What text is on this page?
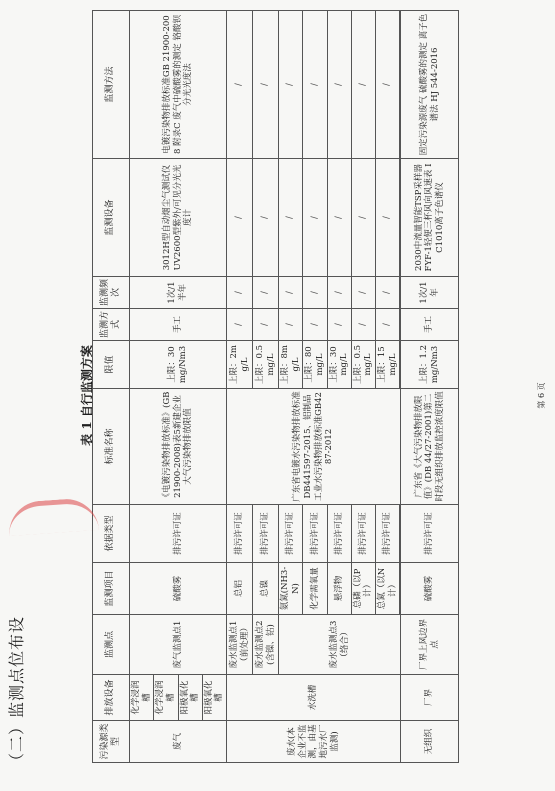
（二）监测点位布设
表 1 自行监测方案
污染源类型	排放设备	监测点	监测项目	依据类型	标准名称	限值	监测方式	监测频次	监测设备	监测方法	
废气	化学浸润槽	废气监测点1	硫酸雾	排污许可证	《电镀污染物排放标准》(GB21900-2008)表5新建企业大气污染物排放限值	上限：30mg/Nm3	手工	1次/1半年	3012H型自动烟尘气测试仪 UV2600型紫外/可见分光光度计	电镀污染物排放标准GB 21900-2008 附录C 废气中硫酸雾的测定 铬酸钡分光光度法	
	化学浸润槽										
	阳极氧化槽										
	阳极氧化槽										
废水(本企业不监测，由基地污水厂监测)	水洗槽	废水监测点1（前处理）	总铝	排污许可证	广东省电镀水污染物排放标准DB441597-2015、铝制品工业水污染物排放标准GB4287-2012	上限：2mg/L	/	/	/	/	
		废水监测点2(含镍、钴)	总镍	排污许可证		上限：0.5mg/L	/	/	/	/	
		废水监测点3（络合）	氨氮(NH3-N)	排污许可证		上限：8mg/L	/	/	/	/	
			化学需氧量	排污许可证		上限：80mg/L	/	/	/	/	
			悬浮物	排污许可证		上限：30mg/L	/	/	/	/	
			总磷（以P计）	排污许可证		上限：0.5mg/L	/	/	/	/	
			总氮（以N计）	排污许可证		上限：15mg/L	/	/	/	/	

无组织	厂界	厂界上风边界点	硫酸雾	排污许可证	广东省《大气污染物排放限值》(DB 44/27-2001)第二时段无组织排放监控浓度限值	上限：1.2mg/Nm3	手工	1次/1年	2030中流量智能TSP采样器 FYF-1轻便三杯风向风速表 IC1010离子色谱仪	固定污染源废气 硫酸雾的测定 离子色谱法 HJ 544-2016	
第 6 页
